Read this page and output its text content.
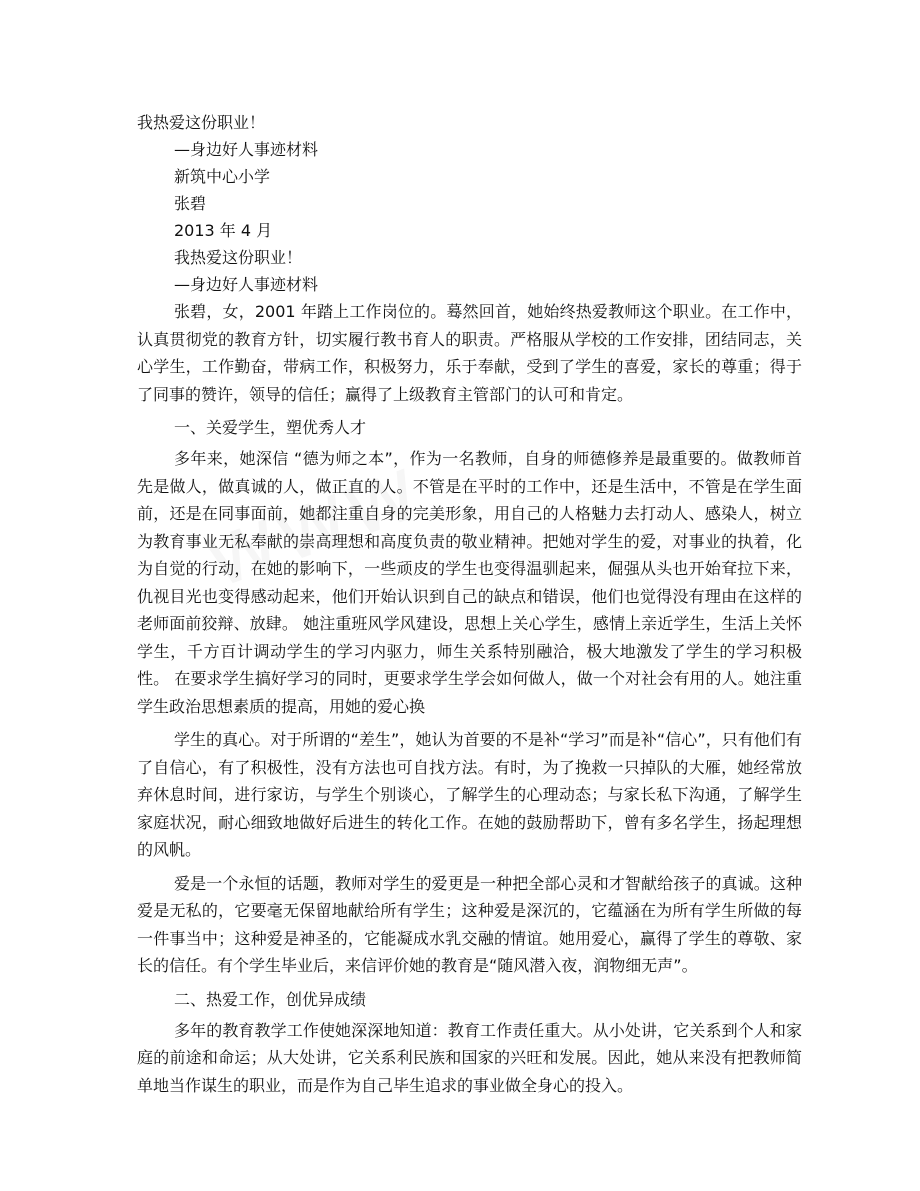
我热爱这份职业！
—身边好人事迹材料
新筑中心小学
张碧
2013 年 4 月
我热爱这份职业！
—身边好人事迹材料

张碧，女，2001 年踏上工作岗位的。蓦然回首，她始终热爱教师这个职业。在工作中，认真贯彻党的教育方针，切实履行教书育人的职责。严格服从学校的工作安排，团结同志，关心学生，工作勤奋，带病工作，积极努力，乐于奉献，受到了学生的喜爱，家长的尊重；得于了同事的赞许，领导的信任；赢得了上级教育主管部门的认可和肯定。

一、关爱学生，塑优秀人才

多年来，她深信 “德为师之本”，作为一名教师，自身的师德修养是最重要的。做教师首先是做人，做真诚的人，做正直的人。不管是在平时的工作中，还是生活中，不管是在学生面前，还是在同事面前，她都注重自身的完美形象，用自己的人格魅力去打动人、感染人，树立为教育事业无私奉献的崇高理想和高度负责的敬业精神。把她对学生的爱，对事业的执着，化为自觉的行动，在她的影响下，一些顽皮的学生也变得温驯起来，倔强从头也开始耷拉下来，仇视目光也变得感动起来，他们开始认识到自己的缺点和错误，他们也觉得没有理由在这样的老师面前狡辩、放肆。 她注重班风学风建设，思想上关心学生，感情上亲近学生，生活上关怀学生，千方百计调动学生的学习内驱力，师生关系特别融洽，极大地激发了学生的学习积极性。 在要求学生搞好学习的同时，更要求学生学会如何做人，做一个对社会有用的人。她注重学生政治思想素质的提高，用她的爱心换

学生的真心。对于所谓的“差生”，她认为首要的不是补“学习”而是补“信心”，只有他们有了自信心，有了积极性，没有方法也可自找方法。有时，为了挽救一只掉队的大雁，她经常放弃休息时间，进行家访，与学生个别谈心，了解学生的心理动态；与家长私下沟通，了解学生家庭状况，耐心细致地做好后进生的转化工作。在她的鼓励帮助下，曾有多名学生，扬起理想的风帆。

爱是一个永恒的话题，教师对学生的爱更是一种把全部心灵和才智献给孩子的真诚。这种爱是无私的，它要毫无保留地献给所有学生；这种爱是深沉的，它蕴涵在为所有学生所做的每一件事当中；这种爱是神圣的，它能凝成水乳交融的情谊。她用爱心，赢得了学生的尊敬、家长的信任。有个学生毕业后，来信评价她的教育是“随风潜入夜，润物细无声”。

二、热爱工作，创优异成绩

多年的教育教学工作使她深深地知道：教育工作责任重大。从小处讲，它关系到个人和家庭的前途和命运；从大处讲，它关系利民族和国家的兴旺和发展。因此，她从来没有把教师简单地当作谋生的职业，而是作为自己毕生追求的事业做全身心的投入。
